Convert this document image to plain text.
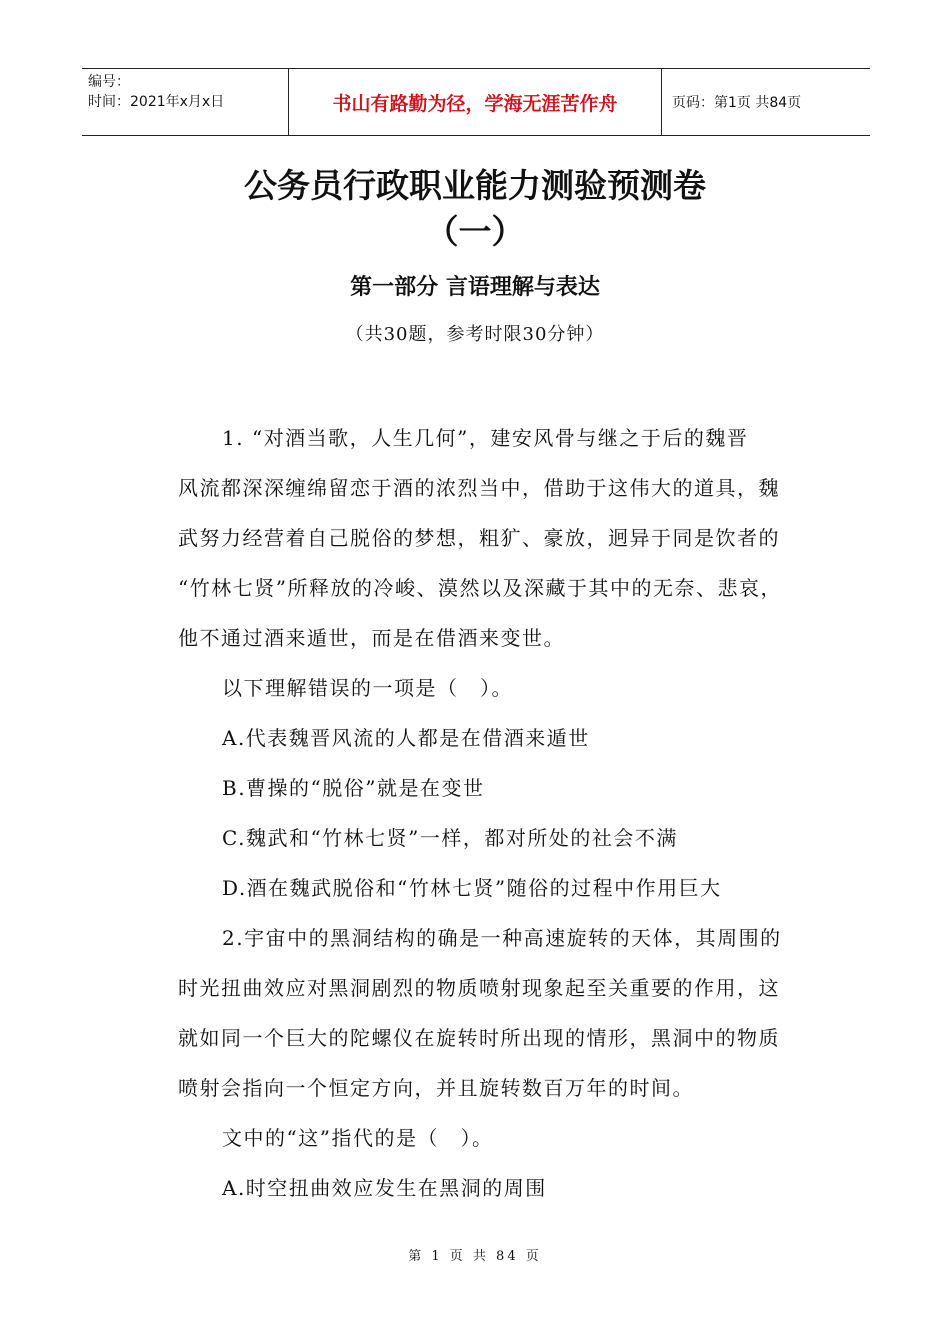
编号：
时间：2021年x月x日	书山有路勤为径，学海无涯苦作舟	页码：第1页 共84页
公务员行政职业能力测验预测卷
（一）
第一部分 言语理解与表达
（共30题，参考时限30分钟）
1. “对酒当歌，人生几何”，建安风骨与继之于后的魏晋
风流都深深缠绵留恋于酒的浓烈当中，借助于这伟大的道具，魏
武努力经营着自己脱俗的梦想，粗犷、豪放，迥异于同是饮者的
“竹林七贤”所释放的冷峻、漠然以及深藏于其中的无奈、悲哀，
他不通过酒来遁世，而是在借酒来变世。
以下理解错误的一项是（　）。
A.代表魏晋风流的人都是在借酒来遁世
B.曹操的“脱俗”就是在变世
C.魏武和“竹林七贤”一样，都对所处的社会不满
D.酒在魏武脱俗和“竹林七贤”随俗的过程中作用巨大
2.宇宙中的黑洞结构的确是一种高速旋转的天体，其周围的
时光扭曲效应对黑洞剧烈的物质喷射现象起至关重要的作用，这
就如同一个巨大的陀螺仪在旋转时所出现的情形，黑洞中的物质
喷射会指向一个恒定方向，并且旋转数百万年的时间。
文中的“这”指代的是（　）。
A.时空扭曲效应发生在黑洞的周围
第 1 页 共 84 页
